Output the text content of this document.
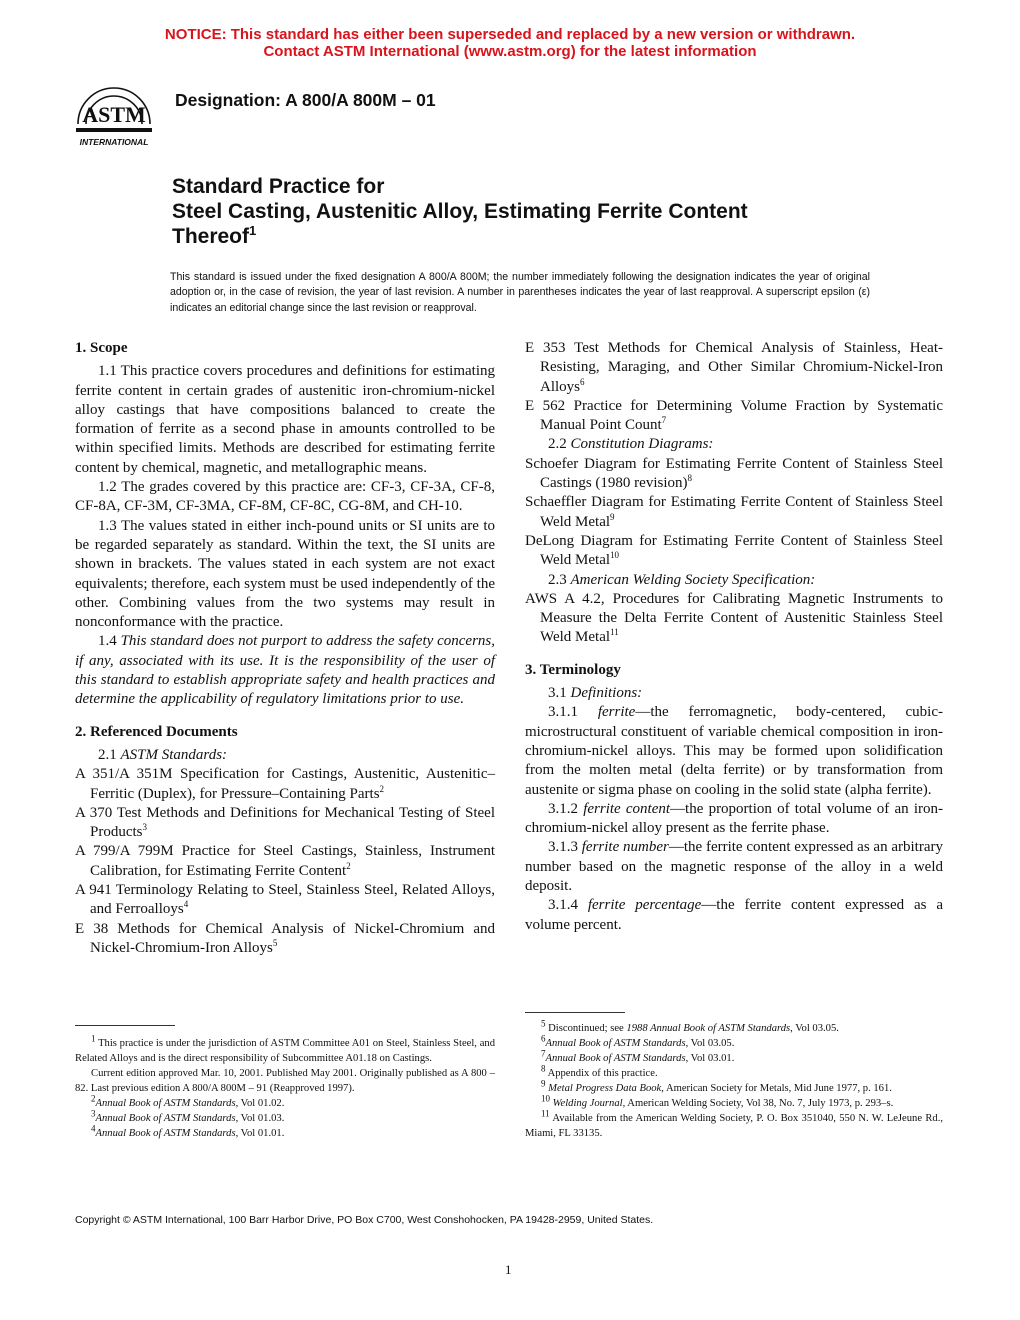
NOTICE: This standard has either been superseded and replaced by a new version or withdrawn.
Contact ASTM International (www.astm.org) for the latest information
ASTM
INTERNATIONAL
Designation: A 800/A 800M – 01
Standard Practice for
Steel Casting, Austenitic Alloy, Estimating Ferrite Content
Thereof$^1$
This standard is issued under the fixed designation A 800/A 800M; the number immediately following the designation indicates the year of original adoption or, in the case of revision, the year of last revision. A number in parentheses indicates the year of last reapproval. A superscript epsilon (ε) indicates an editorial change since the last revision or reapproval.

1. Scope

1.1 This practice covers procedures and definitions for estimating ferrite content in certain grades of austenitic iron-chromium-nickel alloy castings that have compositions balanced to create the formation of ferrite as a second phase in amounts controlled to be within specified limits. Methods are described for estimating ferrite content by chemical, magnetic, and metallographic means.

1.2 The grades covered by this practice are: CF-3, CF-3A, CF-8, CF-8A, CF-3M, CF-3MA, CF-8M, CF-8C, CG-8M, and CH-10.

1.3 The values stated in either inch-pound units or SI units are to be regarded separately as standard. Within the text, the SI units are shown in brackets. The values stated in each system are not exact equivalents; therefore, each system must be used independently of the other. Combining values from the two systems may result in nonconformance with the practice.

1.4 This standard does not purport to address the safety concerns, if any, associated with its use. It is the responsibility of the user of this standard to establish appropriate safety and health practices and determine the applicability of regulatory limitations prior to use.

2. Referenced Documents

2.1 ASTM Standards:

A 351/A 351M Specification for Castings, Austenitic, Austenitic–Ferritic (Duplex), for Pressure–Containing Parts$^2$

A 370 Test Methods and Definitions for Mechanical Testing of Steel Products$^3$

A 799/A 799M Practice for Steel Castings, Stainless, Instrument Calibration, for Estimating Ferrite Content$^2$

A 941 Terminology Relating to Steel, Stainless Steel, Related Alloys, and Ferroalloys$^4$

E 38 Methods for Chemical Analysis of Nickel-Chromium and Nickel-Chromium-Iron Alloys$^5$

E 353 Test Methods for Chemical Analysis of Stainless, Heat-Resisting, Maraging, and Other Similar Chromium-Nickel-Iron Alloys$^6$

E 562 Practice for Determining Volume Fraction by Systematic Manual Point Count$^7$

2.2 Constitution Diagrams:

Schoefer Diagram for Estimating Ferrite Content of Stainless Steel Castings (1980 revision)$^8$

Schaeffler Diagram for Estimating Ferrite Content of Stainless Steel Weld Metal$^9$

DeLong Diagram for Estimating Ferrite Content of Stainless Steel Weld Metal$^{10}$

2.3 American Welding Society Specification:

AWS A 4.2, Procedures for Calibrating Magnetic Instruments to Measure the Delta Ferrite Content of Austenitic Stainless Steel Weld Metal$^{11}$

3. Terminology

3.1 Definitions:

3.1.1 ferrite—the ferromagnetic, body-centered, cubic-microstructural constituent of variable chemical composition in iron-chromium-nickel alloys. This may be formed upon solidification from the molten metal (delta ferrite) or by transformation from austenite or sigma phase on cooling in the solid state (alpha ferrite).

3.1.2 ferrite content—the proportion of total volume of an iron-chromium-nickel alloy present as the ferrite phase.

3.1.3 ferrite number—the ferrite content expressed as an arbitrary number based on the magnetic response of the alloy in a weld deposit.

3.1.4 ferrite percentage—the ferrite content expressed as a volume percent.

$^1$ This practice is under the jurisdiction of ASTM Committee A01 on Steel, Stainless Steel, and Related Alloys and is the direct responsibility of Subcommittee A01.18 on Castings.

Current edition approved Mar. 10, 2001. Published May 2001. Originally published as A 800 – 82. Last previous edition A 800/A 800M – 91 (Reapproved 1997).

$^2$Annual Book of ASTM Standards, Vol 01.02.

$^3$Annual Book of ASTM Standards, Vol 01.03.

$^4$Annual Book of ASTM Standards, Vol 01.01.

$^5$ Discontinued; see 1988 Annual Book of ASTM Standards, Vol 03.05.

$^6$Annual Book of ASTM Standards, Vol 03.05.

$^7$Annual Book of ASTM Standards, Vol 03.01.

$^8$ Appendix of this practice.

$^9$ Metal Progress Data Book, American Society for Metals, Mid June 1977, p. 161.

$^{10}$ Welding Journal, American Welding Society, Vol 38, No. 7, July 1973, p. 293–s.

$^{11}$ Available from the American Welding Society, P. O. Box 351040, 550 N. W. LeJeune Rd., Miami, FL 33135.

Copyright © ASTM International, 100 Barr Harbor Drive, PO Box C700, West Conshohocken, PA 19428-2959, United States.
1
